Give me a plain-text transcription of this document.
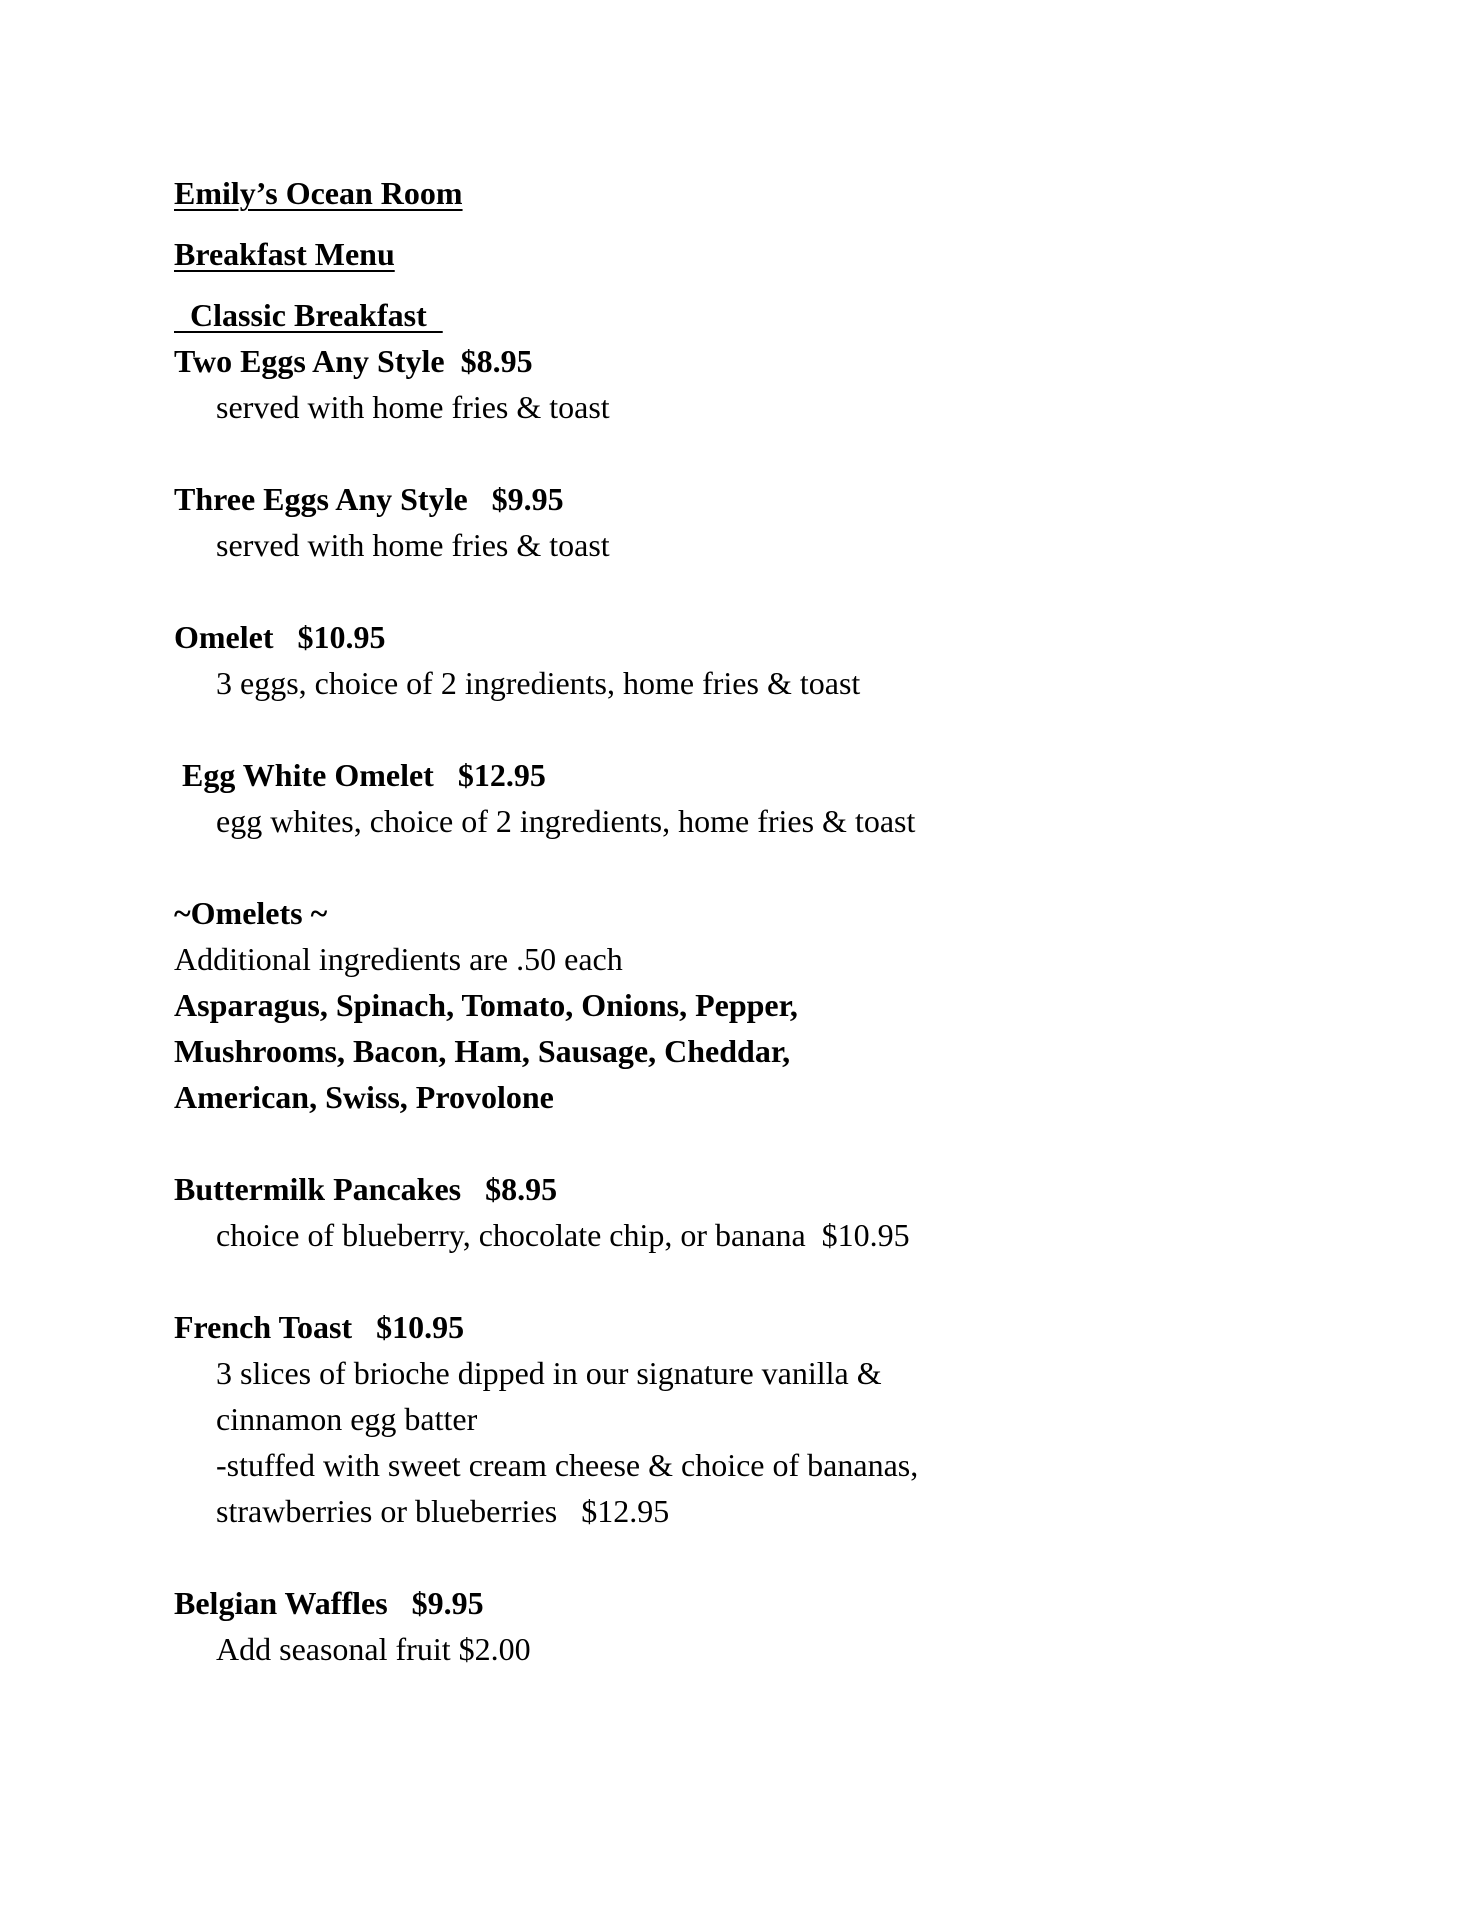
Emily’s Ocean Room

Breakfast Menu

Classic Breakfast

Two Eggs Any Style  $8.95

served with home fries & toast

Three Eggs Any Style   $9.95

served with home fries & toast

Omelet   $10.95

3 eggs, choice of 2 ingredients, home fries & toast

Egg White Omelet   $12.95

egg whites, choice of 2 ingredients, home fries & toast

~Omelets ~

Additional ingredients are .50 each

Asparagus, Spinach, Tomato, Onions, Pepper,

Mushrooms, Bacon, Ham, Sausage, Cheddar,

American, Swiss, Provolone

Buttermilk Pancakes   $8.95

choice of blueberry, chocolate chip, or banana  $10.95

French Toast   $10.95

3 slices of brioche dipped in our signature vanilla &

cinnamon egg batter

-stuffed with sweet cream cheese & choice of bananas,

strawberries or blueberries   $12.95

Belgian Waffles   $9.95

Add seasonal fruit $2.00
